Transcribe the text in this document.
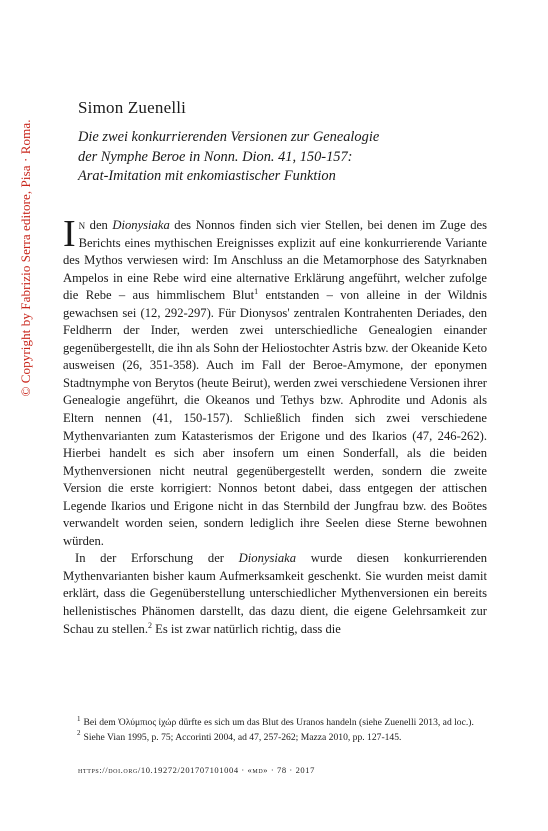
© Copyright by Fabrizio Serra editore, Pisa · Roma.
Simon Zuenelli

Die zwei konkurrierenden Versionen zur Genealogie

der Nymphe Beroe in Nonn. Dion. 41, 150-157:

Arat-Imitation mit enkomiastischer Funktion

In den Dionysiaka des Nonnos finden sich vier Stellen, bei denen im Zuge des Berichts eines mythischen Ereignisses explizit auf eine konkurrierende Variante des Mythos verwiesen wird: Im Anschluss an die Metamorphose des Satyrknaben Ampelos in eine Rebe wird eine alternative Erklärung angeführt, welcher zufolge die Rebe – aus himmlischem Blut$^1$ entstanden – von alleine in der Wildnis gewachsen sei (12, 292-297). Für Dionysos' zentralen Kontrahenten Deriades, den Feldherrn der Inder, werden zwei unterschiedliche Genealogien einander gegenübergestellt, die ihn als Sohn der Heliostochter Astris bzw. der Okeanide Keto ausweisen (26, 351-358). Auch im Fall der Beroe-Amymone, der eponymen Stadtnymphe von Berytos (heute Beirut), werden zwei verschiedene Versionen ihrer Genealogie angeführt, die Okeanos und Tethys bzw. Aphrodite und Adonis als Eltern nennen (41, 150-157). Schließlich finden sich zwei verschiedene Mythenvarianten zum Katasterismos der Erigone und des Ikarios (47, 246-262). Hierbei handelt es sich aber insofern um einen Sonderfall, als die beiden Mythenversionen nicht neutral gegenübergestellt werden, sondern die zweite Version die erste korrigiert: Nonnos betont dabei, dass entgegen der attischen Legende Ikarios und Erigone nicht in das Sternbild der Jungfrau bzw. des Boötes verwandelt worden seien, sondern lediglich ihre Seelen diese Sterne bewohnen würden.

In der Erforschung der Dionysiaka wurde diesen konkurrierenden Mythenvarianten bisher kaum Aufmerksamkeit geschenkt. Sie wurden meist damit erklärt, dass die Gegenüberstellung unterschiedlicher Mythenversionen ein bereits hellenistisches Phänomen darstellt, das dazu dient, die eigene Gelehrsamkeit zur Schau zu stellen.$^2$ Es ist zwar natürlich richtig, dass die

$^1$ Bei dem Ὀλύμπιος ἰχώρ dürfte es sich um das Blut des Uranos handeln (siehe Zuenelli 2013, ad loc.).

$^2$ Siehe Vian 1995, p. 75; Accorinti 2004, ad 47, 257-262; Mazza 2010, pp. 127-145.

https://doi.org/10.19272/201707101004 · «md» · 78 · 2017
